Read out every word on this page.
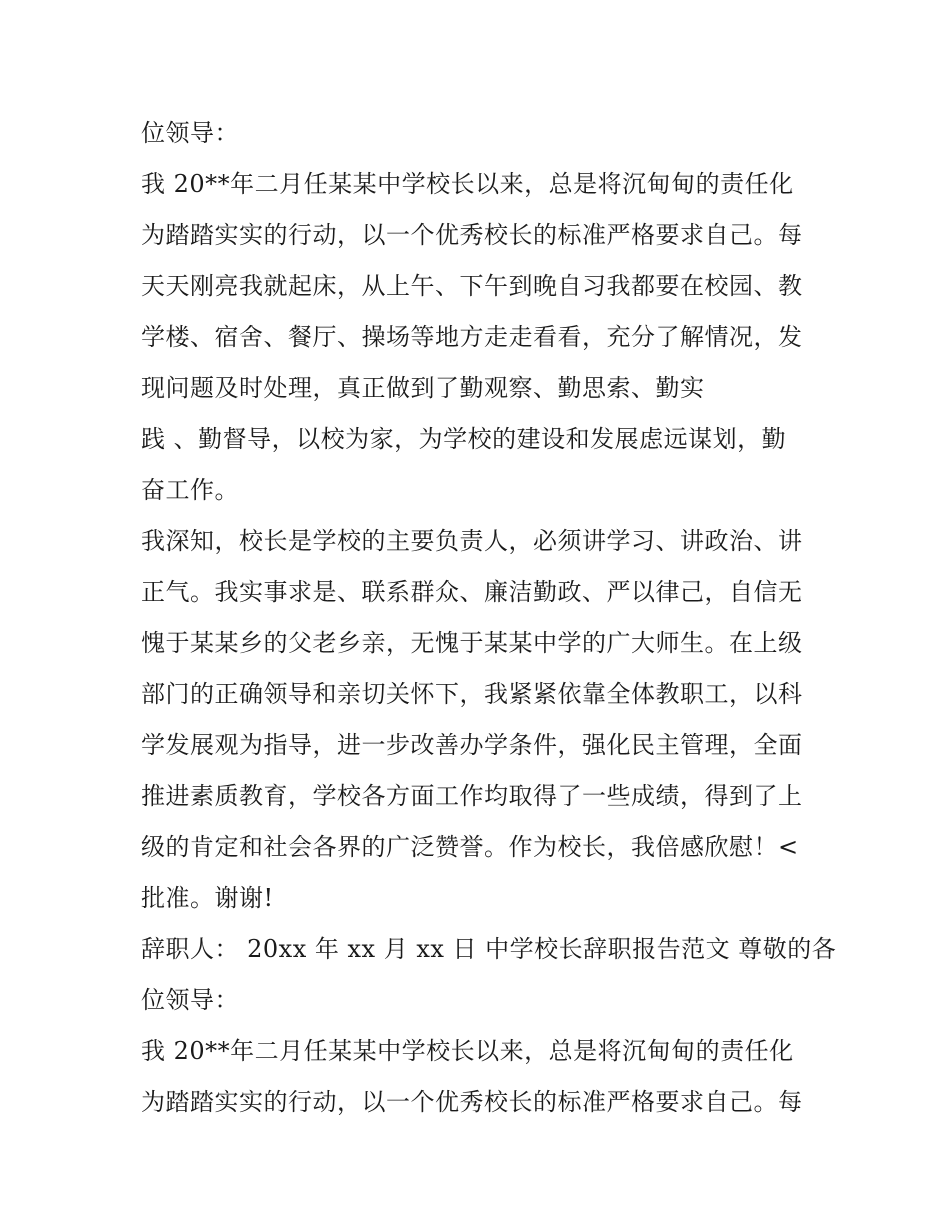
位领导：
我 20**年二月任某某中学校长以来，总是将沉甸甸的责任化
为踏踏实实的行动，以一个优秀校长的标准严格要求自己。每
天天刚亮我就起床，从上午、下午到晚自习我都要在校园、教
学楼、宿舍、餐厅、操场等地方走走看看，充分了解情况，发
现问题及时处理，真正做到了勤观察、勤思索、勤实
践 、勤督导，以校为家，为学校的建设和发展虑远谋划，勤
奋工作。
我深知，校长是学校的主要负责人，必须讲学习、讲政治、讲
正气。我实事求是、联系群众、廉洁勤政、严以律己，自信无
愧于某某乡的父老乡亲，无愧于某某中学的广大师生。在上级
部门的正确领导和亲切关怀下，我紧紧依靠全体教职工，以科
学发展观为指导，进一步改善办学条件，强化民主管理，全面
推进素质教育，学校各方面工作均取得了一些成绩，得到了上
级的肯定和社会各界的广泛赞誉。作为校长，我倍感欣慰！<
批准。谢谢!
辞职人： 20xx 年 xx 月 xx 日 中学校长辞职报告范文 尊敬的各
位领导：
我 20**年二月任某某中学校长以来，总是将沉甸甸的责任化
为踏踏实实的行动，以一个优秀校长的标准严格要求自己。每
